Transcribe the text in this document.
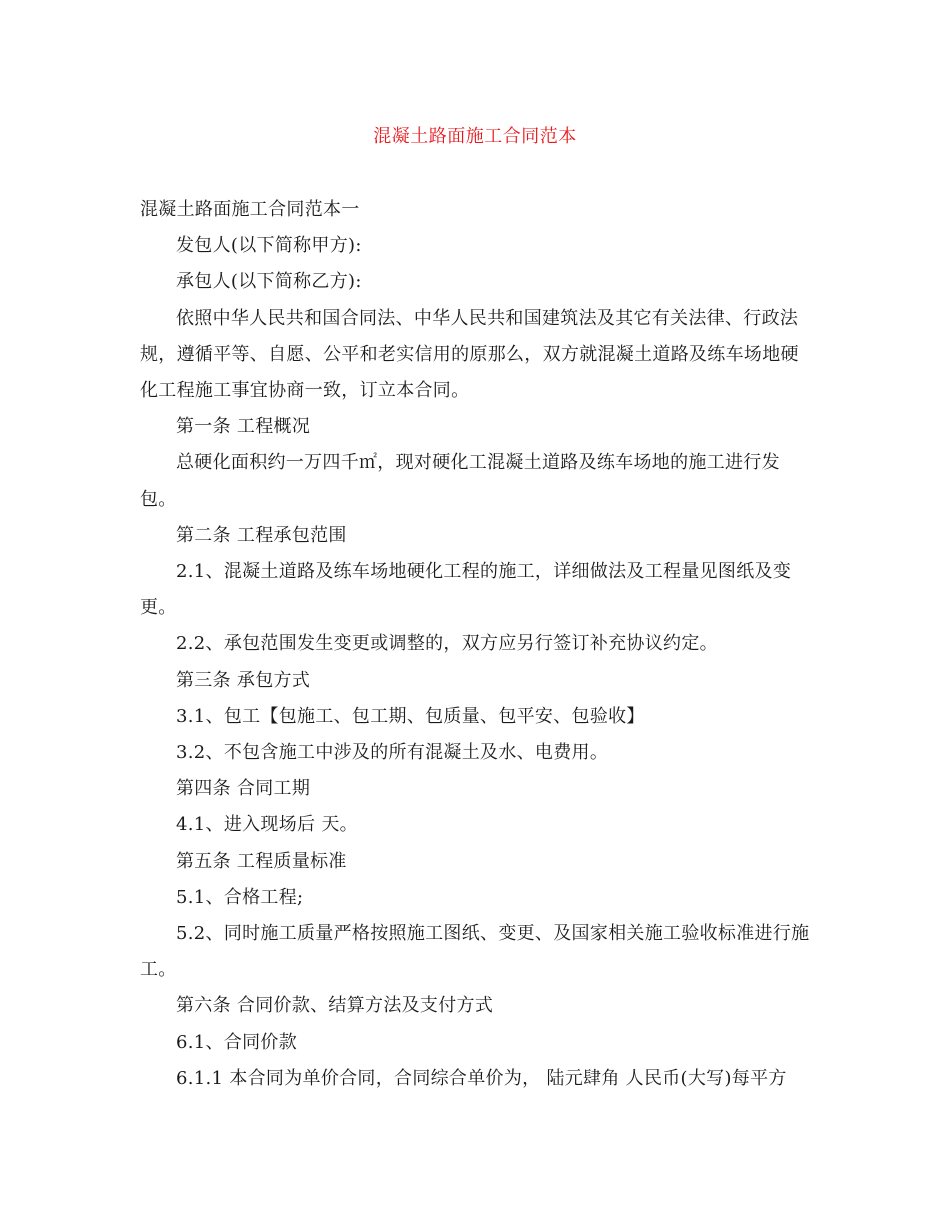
混凝土路面施工合同范本

混凝土路面施工合同范本一

发包人(以下简称甲方):

承包人(以下简称乙方):

依照中华人民共和国合同法、中华人民共和国建筑法及其它有关法律、行政法规，遵循平等、自愿、公平和老实信用的原那么，双方就混凝土道路及练车场地硬化工程施工事宜协商一致，订立本合同。

第一条 工程概况

总硬化面积约一万四千㎡，现对硬化工混凝土道路及练车场地的施工进行发包。

第二条 工程承包范围

2.1、混凝土道路及练车场地硬化工程的施工，详细做法及工程量见图纸及变更。

2.2、承包范围发生变更或调整的，双方应另行签订补充协议约定。

第三条 承包方式

3.1、包工【包施工、包工期、包质量、包平安、包验收】

3.2、不包含施工中涉及的所有混凝土及水、电费用。

第四条 合同工期

4.1、进入现场后 天。

第五条 工程质量标准

5.1、合格工程;

5.2、同时施工质量严格按照施工图纸、变更、及国家相关施工验收标准进行施工。

第六条 合同价款、结算方法及支付方式

6.1、合同价款

6.1.1 本合同为单价合同，合同综合单价为， 陆元肆角 人民币(大写)每平方
